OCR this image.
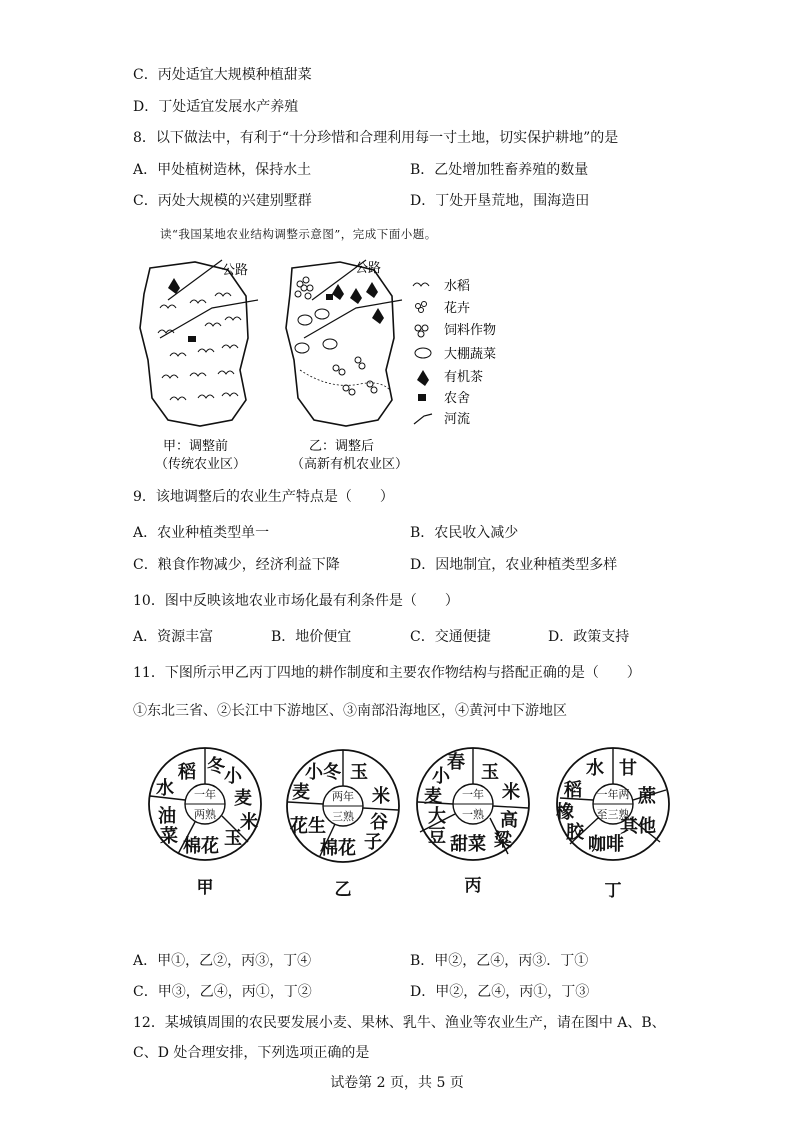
C．丙处适宜大规模种植甜菜
D．丁处适宜发展水产养殖
8．以下做法中，有利于“十分珍惜和合理利用每一寸土地，切实保护耕地”的是
A．甲处植树造林，保持水土	B．乙处增加牲畜养殖的数量
C．丙处大规模的兴建别墅群	D．丁处开垦荒地，围海造田
读“我国某地农业结构调整示意图”，完成下面小题。
公路
甲：调整前
（传统农业区）
公路
乙：调整后
（高新有机农业区）
水稻
花卉
饲料作物
大棚蔬菜
有机茶
农舍
河流
9．该地调整后的农业生产特点是（　　）
A．农业种植类型单一	B．农民收入减少
C．粮食作物减少，经济利益下降	D．因地制宜，农业种植类型多样
10．图中反映该地农业市场化最有利条件是（　　）
A．资源丰富	B．地价便宜	C．交通便捷	D．政策支持
11．下图所示甲乙丙丁四地的耕作制度和主要农作物结构与搭配正确的是（　　）
①东北三省、②长江中下游地区、③南部沿海地区，④黄河中下游地区
一年
两熟
稻 冬 小
麦
米
玉
棉花
油
菜
水
甲
两年
三熟
小冬 玉
米
谷
子
棉花
花生
麦
乙
一年
一熟
春
小 玉
米
高
粱
甜菜
大
豆
麦
丙
一年两
至三熟
水 甘
蔗
其他
咖啡
橡
胶
稻
丁
A．甲①，乙②，丙③，丁④	B．甲②，乙④，丙③．丁①
C．甲③，乙④，丙①，丁②	D．甲②，乙④，丙①，丁③
12．某城镇周围的农民要发展小麦、果林、乳牛、渔业等农业生产，请在图中 A、B、
C、D 处合理安排，下列选项正确的是
试卷第 2 页，共 5 页
